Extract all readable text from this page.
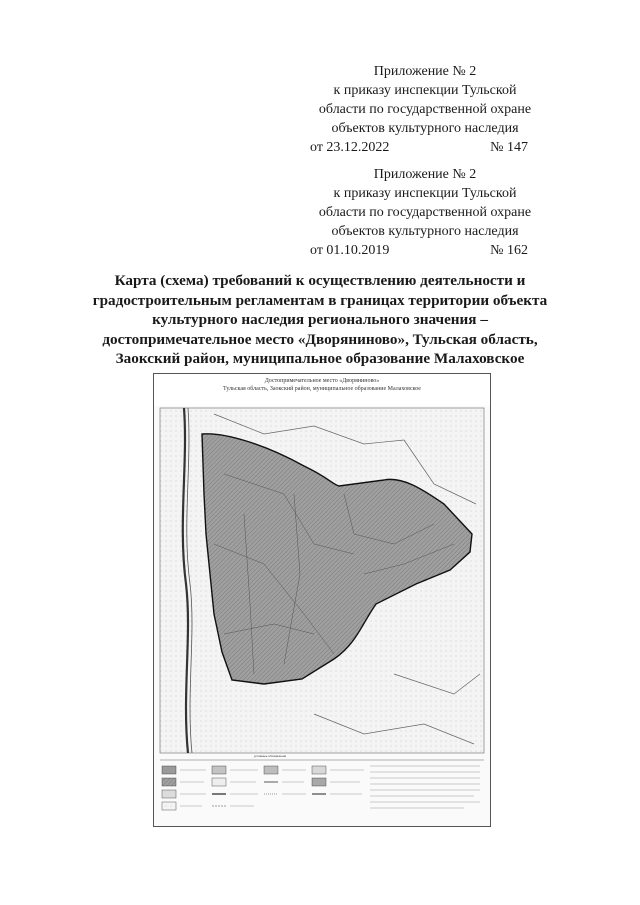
Приложение № 2
к приказу инспекции Тульской
области по государственной охране
объектов культурного наследия
от 23.12.2022	№ 147
Приложение № 2
к приказу инспекции Тульской
области по государственной охране
объектов культурного наследия
от 01.10.2019	№ 162
Карта (схема) требований к осуществлению деятельности и
градостроительным регламентам в границах территории объекта
культурного наследия регионального значения –
достопримечательное место «Дворяниново», Тульская область,
Заокский район, муниципальное образование Малаховское
условные обозначения
Достопримечательное место «Дворяниново»
Тульская область, Заокский район, муниципальное образование Малаховское
